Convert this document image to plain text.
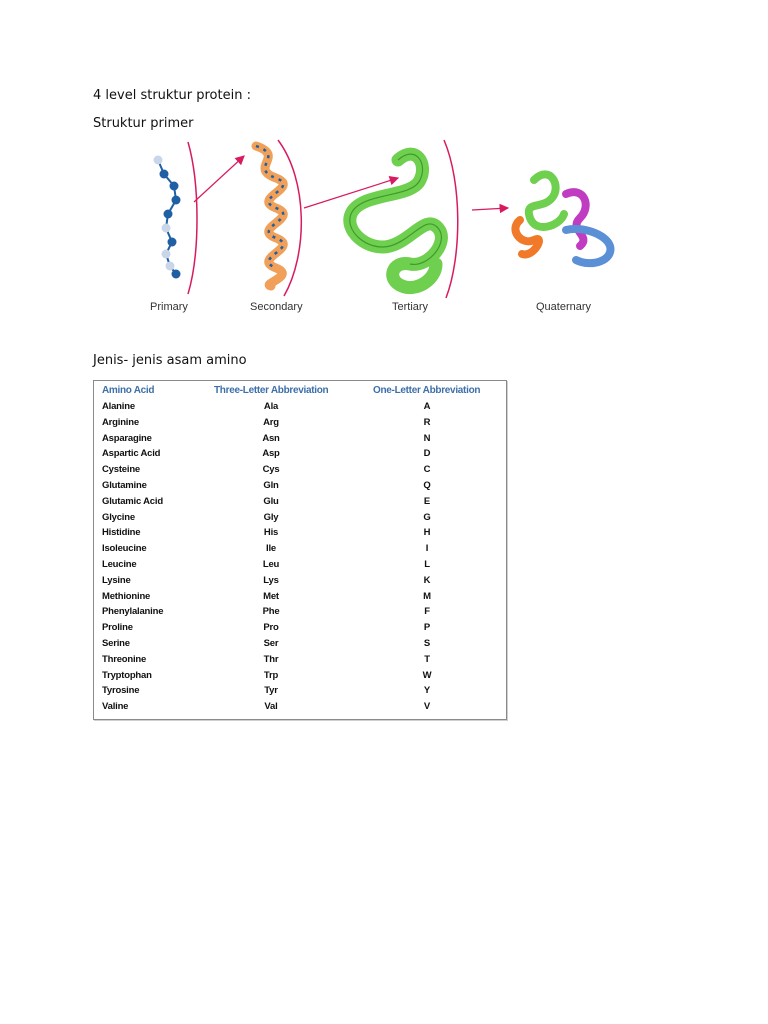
4 level struktur protein :

Struktur primer

Primary	Secondary	Tertiary	Quaternary

Jenis- jenis asam amino

Amino Acid	Three-Letter Abbreviation	One-Letter Abbreviation
Alanine	Ala	A
Arginine	Arg	R
Asparagine	Asn	N
Aspartic Acid	Asp	D
Cysteine	Cys	C
Glutamine	Gln	Q
Glutamic Acid	Glu	E
Glycine	Gly	G
Histidine	His	H
Isoleucine	Ile	I
Leucine	Leu	L
Lysine	Lys	K
Methionine	Met	M
Phenylalanine	Phe	F
Proline	Pro	P
Serine	Ser	S
Threonine	Thr	T
Tryptophan	Trp	W
Tyrosine	Tyr	Y
Valine	Val	V
